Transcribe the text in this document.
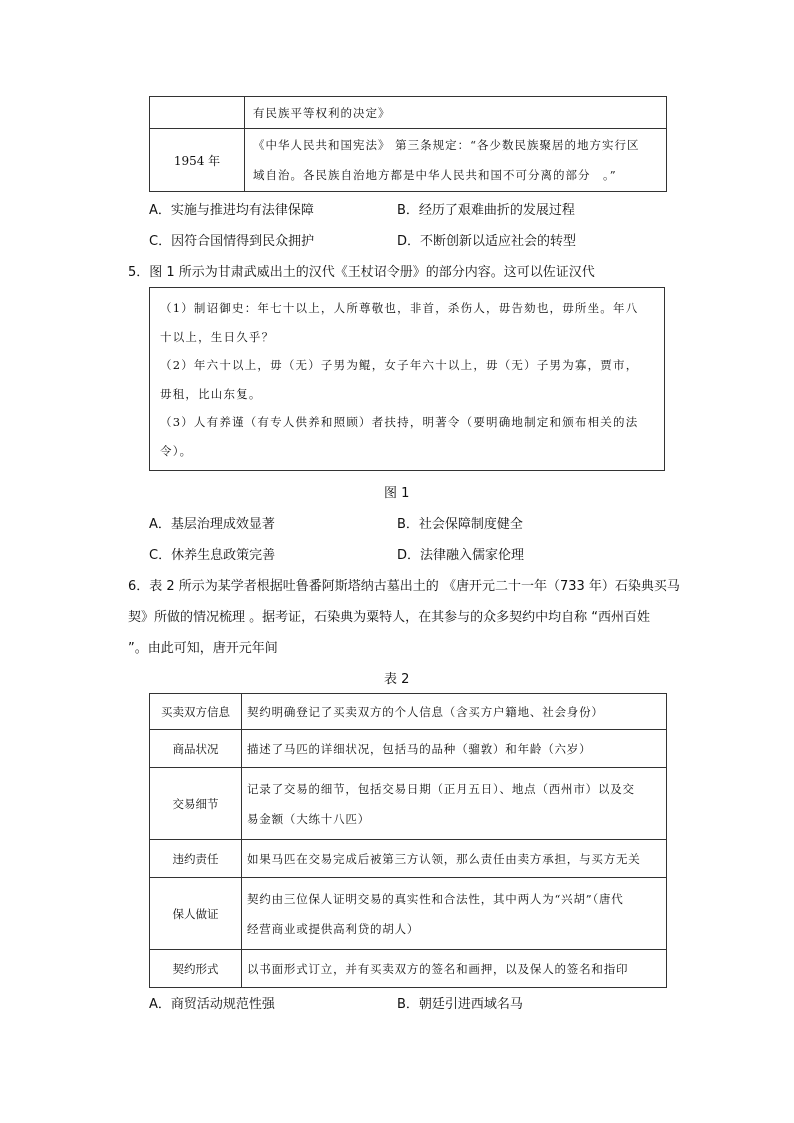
	有民族平等权利的决定》

1954 年	《中华人民共和国宪法》 第三条规定：“各少数民族聚居的地方实行区
域自治。各民族自治地方都是中华人民共和国不可分离的部分　。”
A．实施与推进均有法律保障	B．经历了艰难曲折的发展过程
C．因符合国情得到民众拥护	D．不断创新以适应社会的转型
5．图 1 所示为甘肃武威出土的汉代《王杖诏令册》的部分内容。这可以佐证汉代
（1）制诏御史：年七十以上，人所尊敬也，非首，杀伤人，毋告劾也，毋所坐。年八
十以上，生日久乎？
（2）年六十以上，毋（无）子男为鲲，女子年六十以上，毋（无）子男为寡，贾市，
毋租，比山东复。
（3）人有养谨（有专人供养和照顾）者扶持，明著令（要明确地制定和颁布相关的法
令）。
图 1
A．基层治理成效显著	B．社会保障制度健全
C．休养生息政策完善	D．法律融入儒家伦理
6．表 2 所示为某学者根据吐鲁番阿斯塔纳古墓出土的 《唐开元二十一年（733 年）石染典买马
契》所做的情况梳理 。据考证，石染典为粟特人，在其参与的众多契约中均自称 “西州百姓
”。由此可知，唐开元年间
表 2
买卖双方信息	契约明确登记了买卖双方的个人信息（含买方户籍地、社会身份）

商品状况	描述了马匹的详细状况，包括马的品种（骝敦）和年龄（六岁）

交易细节	记录了交易的细节，包括交易日期（正月五日）、地点（西州市）以及交
易金额（大练十八匹）

违约责任	如果马匹在交易完成后被第三方认领，那么责任由卖方承担，与买方无关

保人做证	契约由三位保人证明交易的真实性和合法性，其中两人为“兴胡”（唐代
经营商业或提供高利贷的胡人）

契约形式	以书面形式订立，并有买卖双方的签名和画押，以及保人的签名和指印
A．商贸活动规范性强	B．朝廷引进西域名马
